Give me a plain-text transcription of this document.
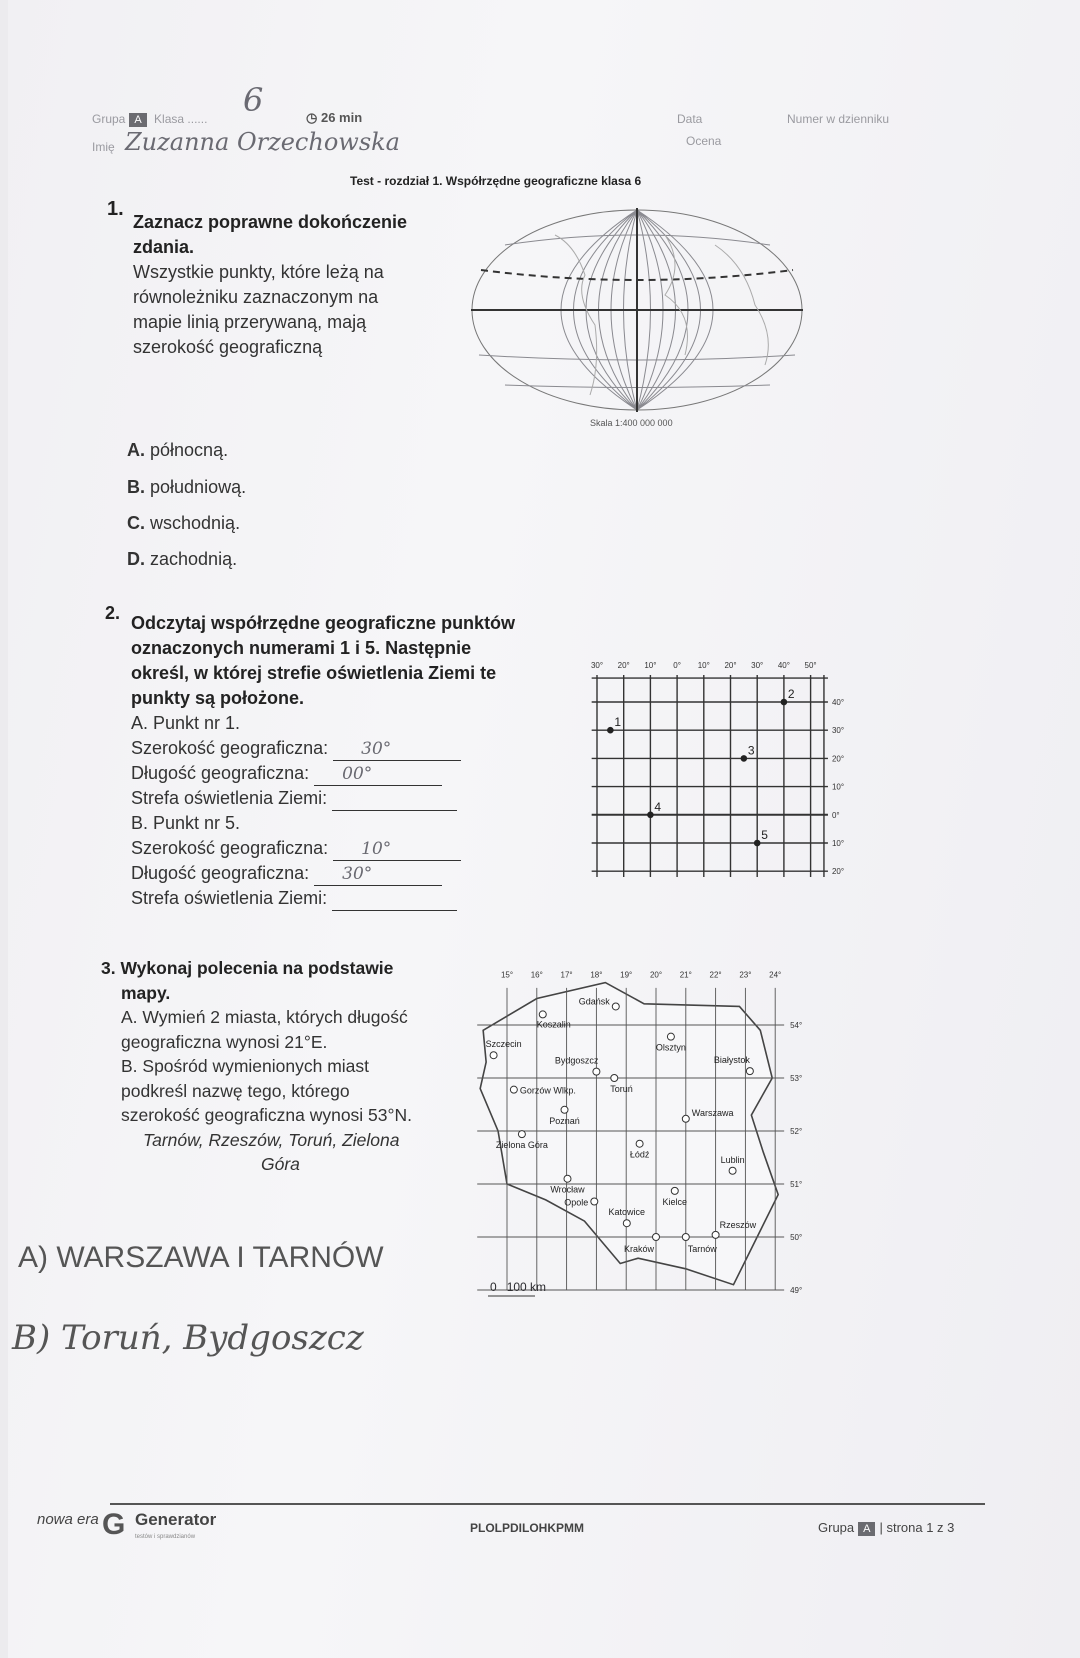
Grupa A Klasa ...... 6	◷ 26 min
Imię Zuzanna Orzechowska
Data
Ocena
Numer w dzienniku
Test - rozdział 1. Współrzędne geograficzne klasa 6
1.
Zaznacz poprawne dokończenie
zdania.
Wszystkie punkty, które leżą na
równoleżniku zaznaczonym na
mapie linią przerywaną, mają
szerokość geograficzną
Skala 1:400 000 000
A. północną.
B. południową.
C. wschodnią.
D. zachodnią.
2. Odczytaj współrzędne geograficzne punktów
oznaczonych numerami 1 i 5. Następnie
określ, w której strefie oświetlenia Ziemi te
punkty są położone.
A. Punkt nr 1.
Szerokość geograficzna: 30°
Długość geograficzna: 00°
Strefa oświetlenia Ziemi:
B. Punkt nr 5.
Szerokość geograficzna: 10°
Długość geograficzna: 30°
Strefa oświetlenia Ziemi:
30° 20° 10° 0° 10° 20° 30° 40° 50°
40°
30°
20°
10°
0°
10°
20°
1
2
3
4
5
3. Wykonaj polecenia na podstawie
mapy.
A. Wymień 2 miasta, których długość
geograficzna wynosi 21°E.
B. Spośród wymienionych miast
podkreśl nazwę tego, którego
szerokość geograficzna wynosi 53°N.
Tarnów, Rzeszów, Toruń, Zielona
Góra
15° 16° 17° 18° 19° 20° 21° 22° 23° 24°
49°
50°
51°
52°
53°
54°
Gdańsk
Koszalin
Szczecin	Olsztyn
Białystok
Bydgoszcz
Toruń
Gorzów Wlkp.
Poznań
Warszawa
Zielona Góra
Łódź
Lublin
Wrocław
Kielce
Opole
Katowice
Kraków	Tarnów
Rzeszów
0 100 km
A) WARSZAWA I TARNÓW
B) Toruń, Bydgoszcz
nowa era G Generator
testów i sprawdzianów
PLOLPDILOHKPMM	Grupa A | strona 1 z 3
